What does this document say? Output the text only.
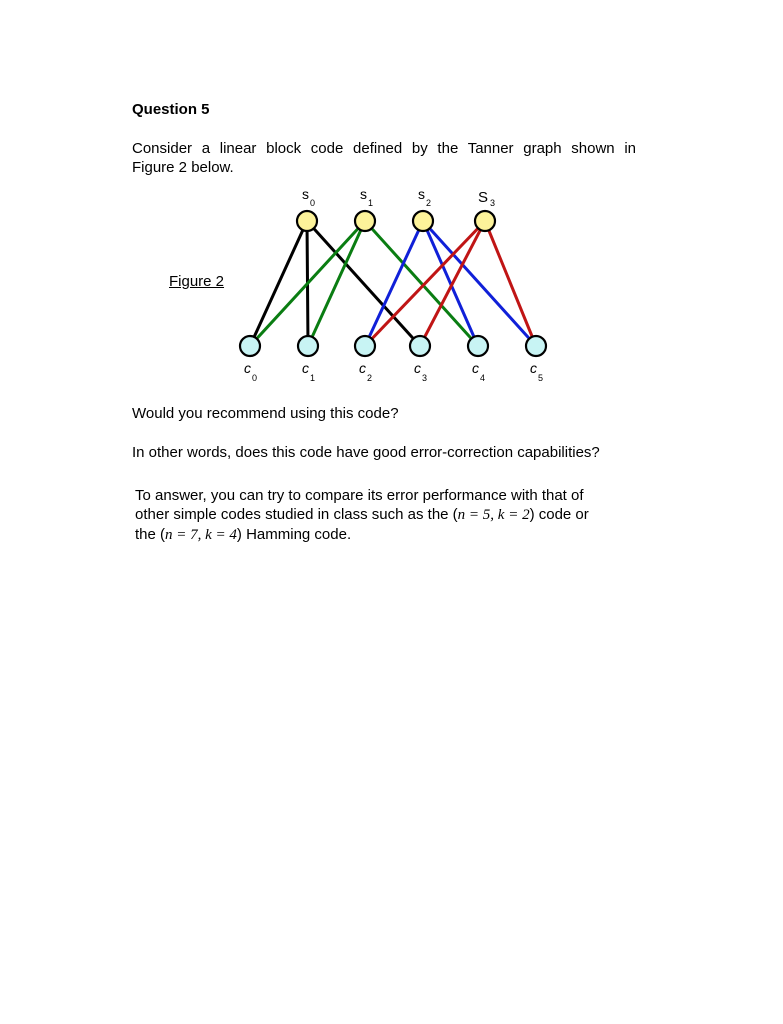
Question 5
Consider a linear block code defined by the Tanner graph shown in
Figure 2 below.
Figure 2
s
0
s
1
s
2	S 3
c
0
c
1
c
2
c
3
c
4
c
5
Would you recommend using this code?
In other words, does this code have good error-correction capabilities?
To answer, you can try to compare its error performance with that of
other simple codes studied in class such as the (n = 5, k = 2) code or
the (n = 7, k = 4) Hamming code.
